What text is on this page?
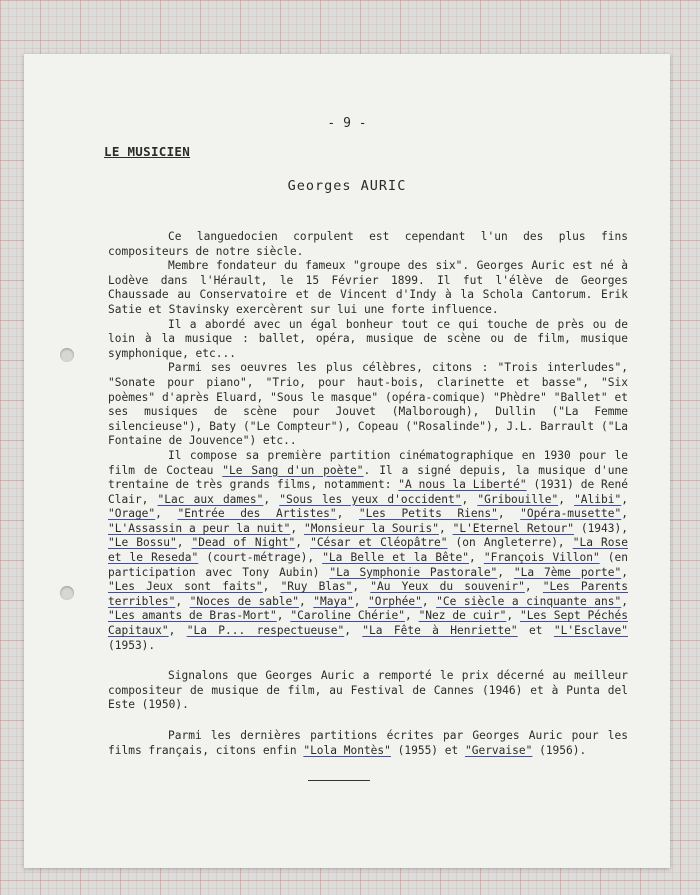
- 9 -
LE MUSICIEN
Georges AURIC

Ce languedocien corpulent est cependant l'un des plus fins compositeurs de notre siècle.

Membre fondateur du fameux "groupe des six". Georges Auric est né à Lodève dans l'Hérault, le 15 Février 1899. Il fut l'élève de Georges Chaussade au Conservatoire et de Vincent d'Indy à la Schola Cantorum. Erik Satie et Stavinsky exercèrent sur lui une forte influence.

Il a abordé avec un égal bonheur tout ce qui touche de près ou de loin à la musique : ballet, opéra, musique de scène ou de film, musique symphonique, etc...

Parmi ses oeuvres les plus célèbres, citons : "Trois interludes", "Sonate pour piano", "Trio, pour haut-bois, clarinette et basse", "Six poèmes" d'après Eluard, "Sous le masque" (opéra-comique) "Phèdre" "Ballet" et ses musiques de scène pour Jouvet (Malborough), Dullin ("La Femme silencieuse"), Baty ("Le Compteur"), Copeau ("Rosalinde"), J.L. Barrault ("La Fontaine de Jouvence") etc..

Il compose sa première partition cinématographique en 1930 pour le film de Cocteau "Le Sang d'un poète". Il a signé depuis, la musique d'une trentaine de très grands films, notamment: "A nous la Liberté" (1931) de René Clair, "Lac aux dames", "Sous les yeux d'occident", "Gribouille", "Alibi", "Orage", "Entrée des Artistes", "Les Petits Riens", "Opéra-musette", "L'Assassin a peur la nuit", "Monsieur la Souris", "L'Eternel Retour" (1943), "Le Bossu", "Dead of Night", "César et Cléopâtre" (on Angleterre), "La Rose et le Reseda" (court-métrage), "La Belle et la Bête", "François Villon" (en participation avec Tony Aubin) "La Symphonie Pastorale", "La 7ème porte", "Les Jeux sont faits", "Ruy Blas", "Au Yeux du souvenir", "Les Parents terribles", "Noces de sable", "Maya", "Orphée", "Ce siècle a cinquante ans", "Les amants de Bras-Mort", "Caroline Chérie", "Nez de cuir", "Les Sept Péchés Capitaux", "La P... respectueuse", "La Fête à Henriette" et "L'Esclave" (1953).

Signalons que Georges Auric a remporté le prix décerné au meilleur compositeur de musique de film, au Festival de Cannes (1946) et à Punta del Este (1950).

Parmi les dernières partitions écrites par Georges Auric pour les films français, citons enfin "Lola Montès" (1955) et "Gervaise" (1956).
